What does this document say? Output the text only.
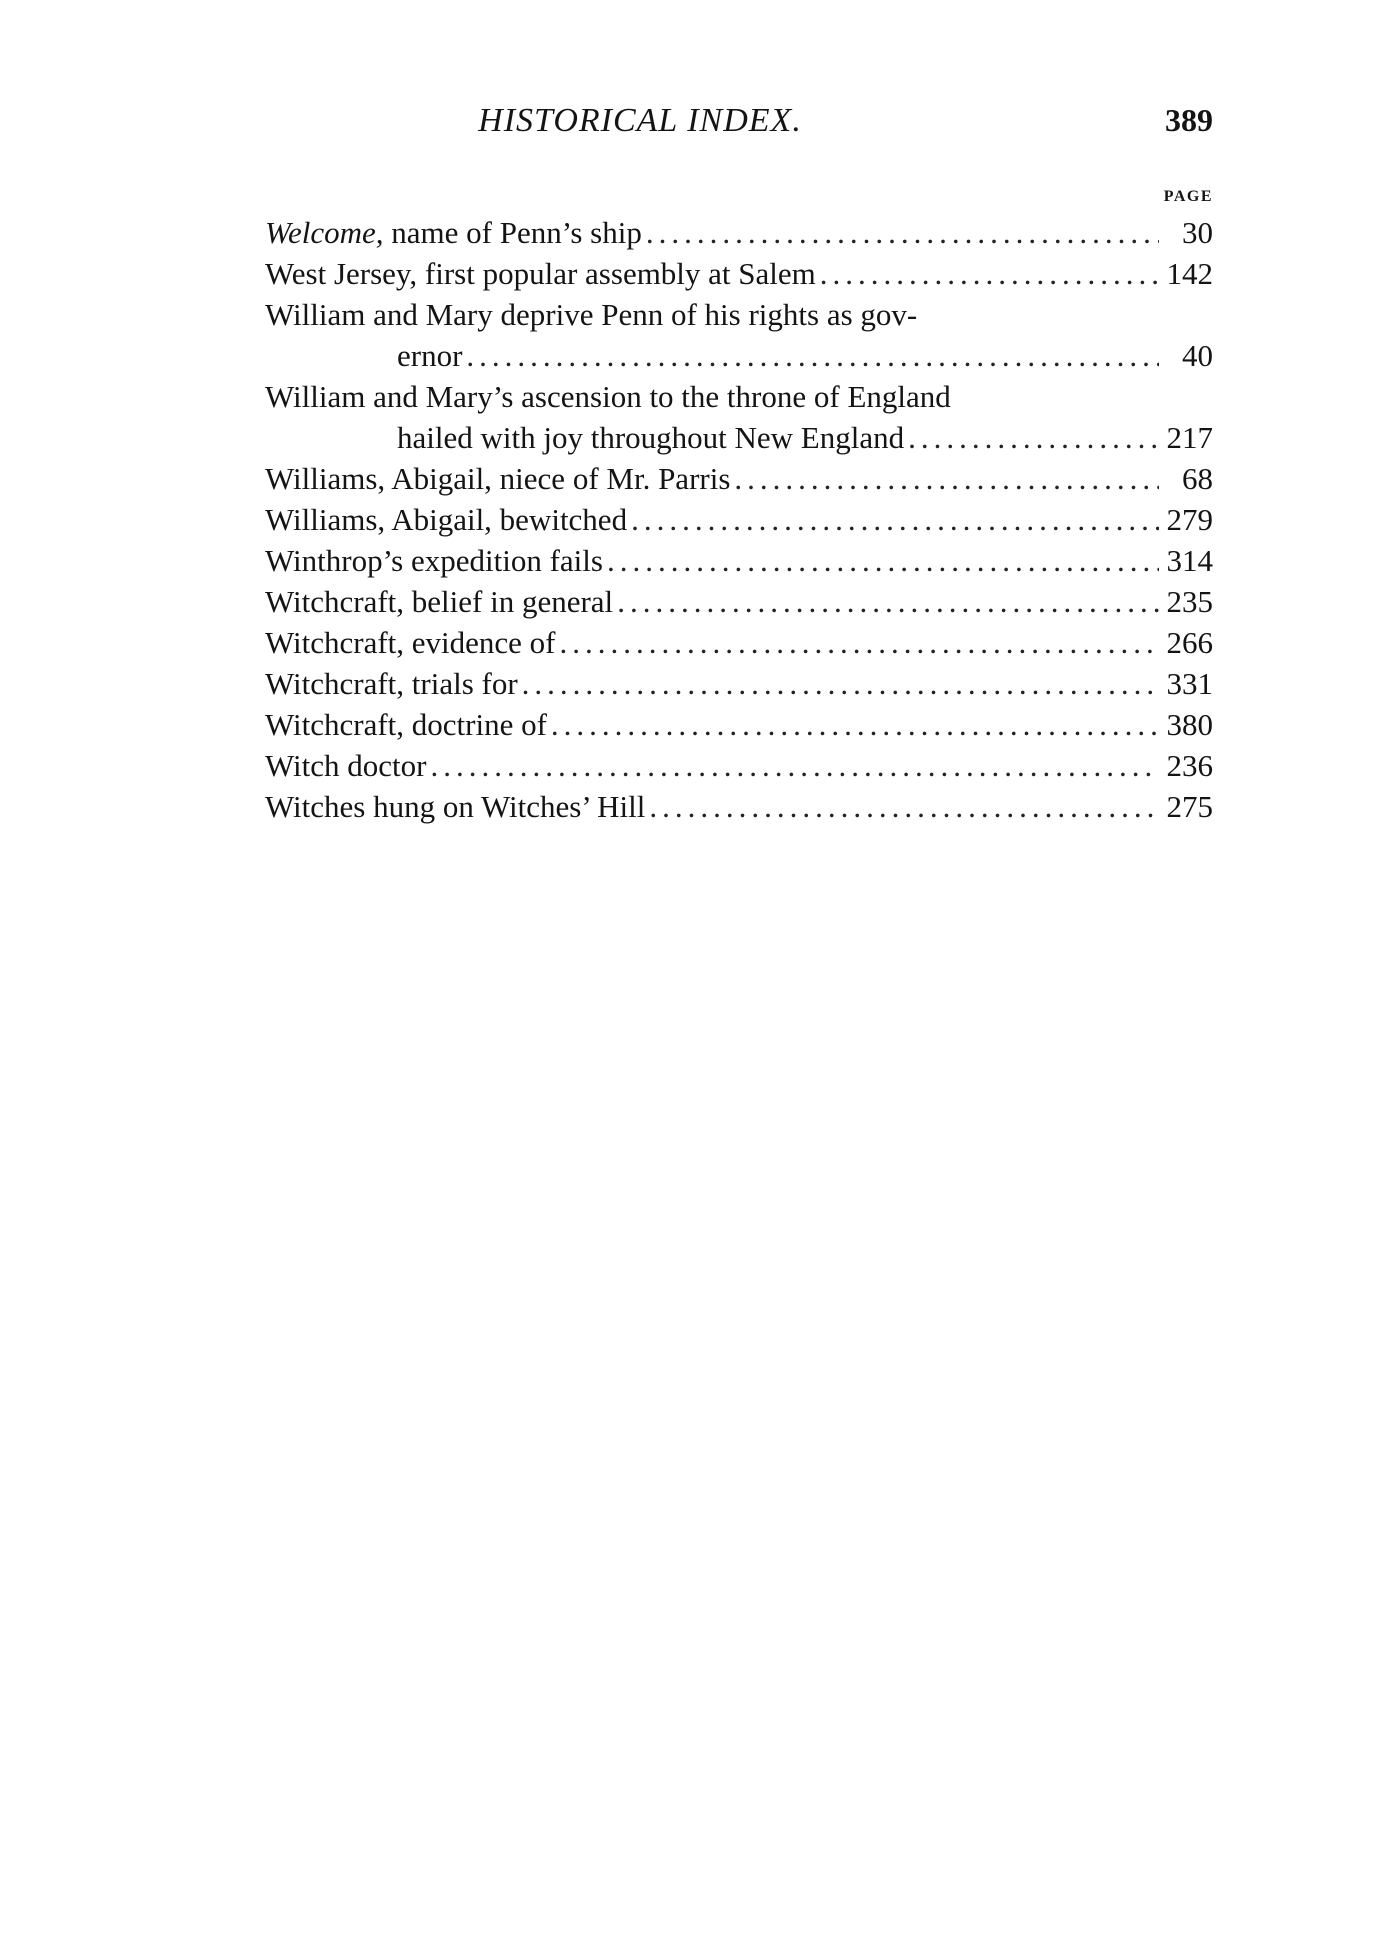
HISTORICAL INDEX.	389
PAGE
Welcome, name of Penn’s ship .....	30
West Jersey, first popular assembly at Salem .....	142
William and Mary deprive Penn of his rights as gov-
ernor .....	40
William and Mary’s ascension to the throne of England
hailed with joy throughout New England .....	217
Williams, Abigail, niece of Mr. Parris .....	68
Williams, Abigail, bewitched .....	279
Winthrop’s expedition fails .....	314
Witchcraft, belief in general .....	235
Witchcraft, evidence of .....	266
Witchcraft, trials for .....	331
Witchcraft, doctrine of .....	380
Witch doctor .....	236
Witches hung on Witches’ Hill .....	275
